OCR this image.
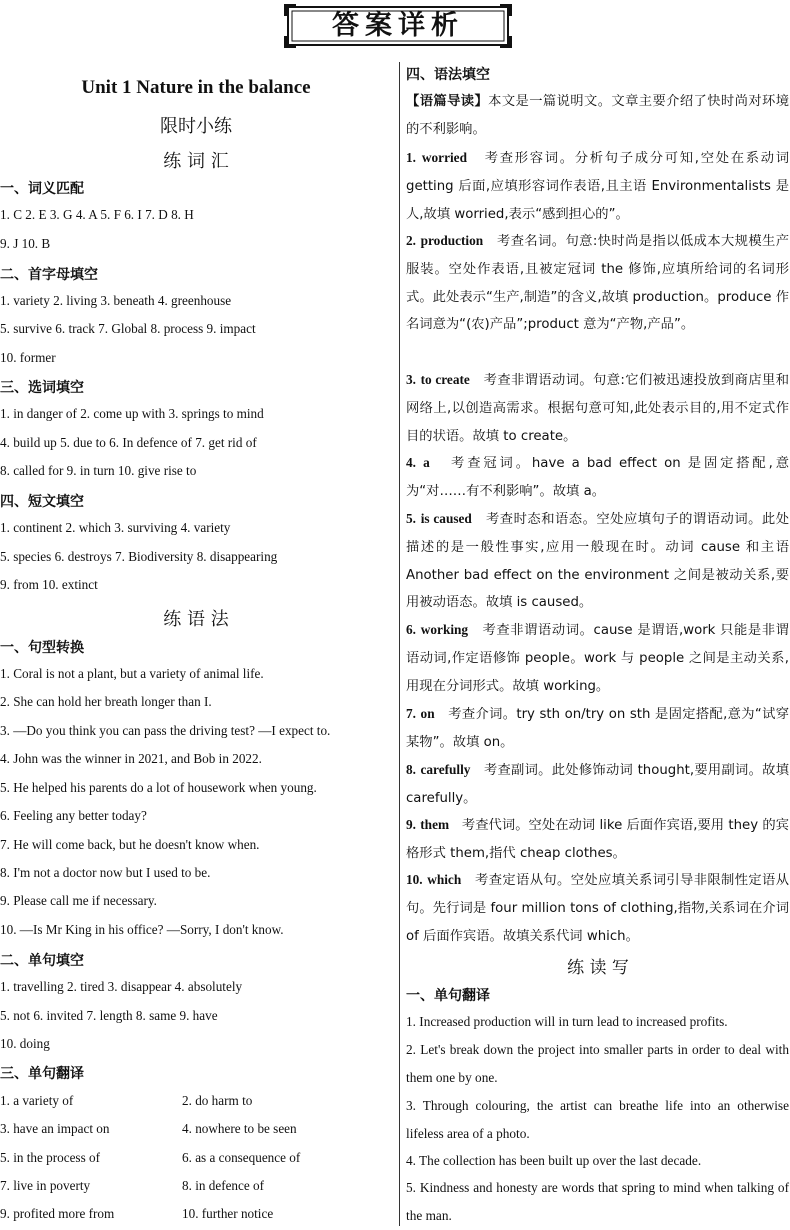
答案详析
Unit 1 Nature in the balance
限时小练
练 词 汇
一、词义匹配
1. C 2. E 3. G 4. A 5. F 6. I 7. D 8. H
9. J 10. B
二、首字母填空
1. variety 2. living 3. beneath 4. greenhouse
5. survive 6. track 7. Global 8. process 9. impact
10. former
三、选词填空
1. in danger of 2. come up with 3. springs to mind
4. build up 5. due to 6. In defence of 7. get rid of
8. called for 9. in turn 10. give rise to
四、短文填空
1. continent 2. which 3. surviving 4. variety
5. species 6. destroys 7. Biodiversity 8. disappearing
9. from 10. extinct
练 语 法
一、句型转换
1. Coral is not a plant, but a variety of animal life.
2. She can hold her breath longer than I.
3. —Do you think you can pass the driving test? —I expect to.
4. John was the winner in 2021, and Bob in 2022.
5. He helped his parents do a lot of housework when young.
6. Feeling any better today?
7. He will come back, but he doesn't know when.
8. I'm not a doctor now but I used to be.
9. Please call me if necessary.
10. —Is Mr King in his office? —Sorry, I don't know.
二、单句填空
1. travelling 2. tired 3. disappear 4. absolutely
5. not 6. invited 7. length 8. same 9. have
10. doing
三、单句翻译
1. a variety of	2. do harm to
3. have an impact on	4. nowhere to be seen
5. in the process of	6. as a consequence of
7. live in poverty	8. in defence of
9. profited more from	10. further notice
四、语法填空
【语篇导读】本文是一篇说明文。文章主要介绍了快时尚对环境的不利影响。
1. worried 考查形容词。分析句子成分可知,空处在系动词 getting 后面,应填形容词作表语,且主语 Environmentalists 是人,故填 worried,表示“感到担心的”。
2. production 考查名词。句意:快时尚是指以低成本大规模生产服装。空处作表语,且被定冠词 the 修饰,应填所给词的名词形式。此处表示“生产,制造”的含义,故填 production。produce 作名词意为“(农)产品”;product 意为“产物,产品”。
3. to create 考查非谓语动词。句意:它们被迅速投放到商店里和网络上,以创造高需求。根据句意可知,此处表示目的,用不定式作目的状语。故填 to create。
4. a 考查冠词。have a bad effect on 是固定搭配,意为“对……有不利影响”。故填 a。
5. is caused 考查时态和语态。空处应填句子的谓语动词。此处描述的是一般性事实,应用一般现在时。动词 cause 和主语 Another bad effect on the environment 之间是被动关系,要用被动语态。故填 is caused。
6. working 考查非谓语动词。cause 是谓语,work 只能是非谓语动词,作定语修饰 people。work 与 people 之间是主动关系,用现在分词形式。故填 working。
7. on 考查介词。try sth on/try on sth 是固定搭配,意为“试穿某物”。故填 on。
8. carefully 考查副词。此处修饰动词 thought,要用副词。故填 carefully。
9. them 考查代词。空处在动词 like 后面作宾语,要用 they 的宾格形式 them,指代 cheap clothes。
10. which 考查定语从句。空处应填关系词引导非限制性定语从句。先行词是 four million tons of clothing,指物,关系词在介词 of 后面作宾语。故填关系代词 which。
练 读 写
一、单句翻译
1. Increased production will in turn lead to increased profits.
2. Let's break down the project into smaller parts in order to deal with them one by one.
3. Through colouring, the artist can breathe life into an otherwise lifeless area of a photo.
4. The collection has been built up over the last decade.
5. Kindness and honesty are words that spring to mind when talking of the man.
